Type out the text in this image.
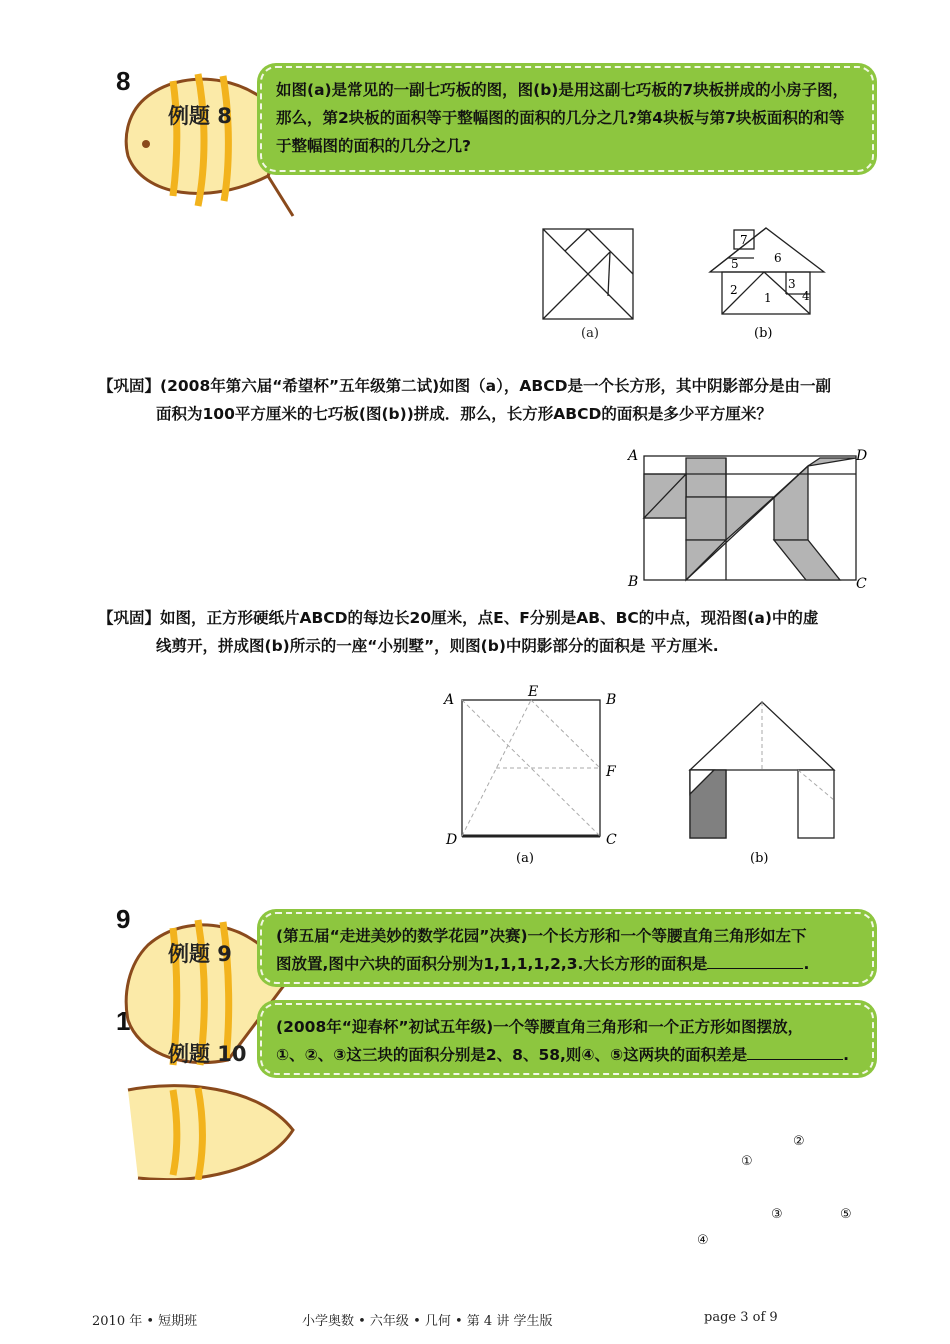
8
例题 8
如图(a)是常见的一副七巧板的图，图(b)是用这副七巧板的7块板拼成的小房子图，那么，第2块板的面积等于整幅图的面积的几分之几?第4块板与第7块板面积的和等于整幅图的面积的几分之几?
(a)
7
5	6
2
1
3
4
(b)
【巩固】(2008年第六届“希望杯”五年级第二试)如图（a），ABCD是一个长方形，其中阴影部分是由一副
面积为100平方厘米的七巧板(图(b))拼成．那么，长方形ABCD的面积是多少平方厘米？
A	D
B	C
【巩固】如图，正方形硬纸片ABCD的每边长20厘米，点E、F分别是AB、BC的中点，现沿图(a)中的虚
线剪开，拼成图(b)所示的一座“小别墅”，则图(b)中阴影部分的面积是 平方厘米.
A	E	B
F
D	C
(a)	(b)
9
例题 9
(第五届“走进美妙的数学花园”决赛)一个长方形和一个等腰直角三角形如左下
图放置,图中六块的面积分别为1,1,1,1,2,3.大长方形的面积是	.
1
例题 10
(2008年“迎春杯”初试五年级)一个等腰直角三角形和一个正方形如图摆放，
①、②、③这三块的面积分别是2、8、58,则④、⑤这两块的面积差是	.
②
①
③	⑤
④
2010 年 • 短期班	小学奥数 • 六年级 • 几何 • 第 4 讲 学生版	page 3 of 9
